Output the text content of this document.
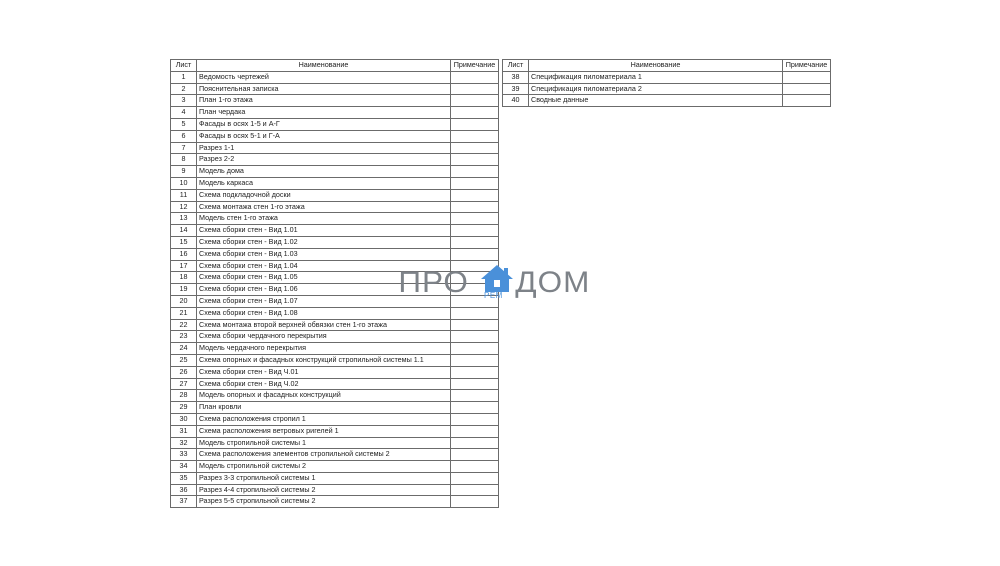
Лист	Наименование	Примечание
1	Ведомость чертежей	
2	Пояснительная записка	
3	План 1-го этажа	
4	План чердака	
5	Фасады в осях 1-5 и А-Г	
6	Фасады в осях 5-1 и Г-А	
7	Разрез 1-1	
8	Разрез 2-2	
9	Модель дома	
10	Модель каркаса	
11	Схема подкладочной доски	
12	Схема монтажа стен 1-го этажа	
13	Модель стен 1-го этажа	
14	Схема сборки стен - Вид 1.01	
15	Схема сборки стен - Вид 1.02	
16	Схема сборки стен - Вид 1.03	
17	Схема сборки стен - Вид 1.04	
18	Схема сборки стен - Вид 1.05	
19	Схема сборки стен - Вид 1.06	
20	Схема сборки стен - Вид 1.07	
21	Схема сборки стен - Вид 1.08	
22	Схема монтажа второй верхней обвязки стен 1-го этажа	
23	Схема сборки чердачного перекрытия	
24	Модель чердачного перекрытия	
25	Схема опорных и фасадных конструкций стропильной системы 1.1	
26	Схема сборки стен - Вид Ч.01	
27	Схема сборки стен - Вид Ч.02	
28	Модель опорных и фасадных конструкций	
29	План кровли	
30	Схема расположения стропил 1	
31	Схема расположения ветровых ригелей 1	
32	Модель стропильной системы 1	
33	Схема расположения элементов стропильной системы 2	
34	Модель стропильной системы 2	
35	Разрез 3-3 стропильной системы 1	
36	Разрез 4-4 стропильной системы 2	
37	Разрез 5-5 стропильной системы 2	
Лист	Наименование	Примечание
38	Спецификация пиломатериала 1	
39	Спецификация пиломатериала 2	
40	Сводные данные	
ПРО РЕМ ДОМ
